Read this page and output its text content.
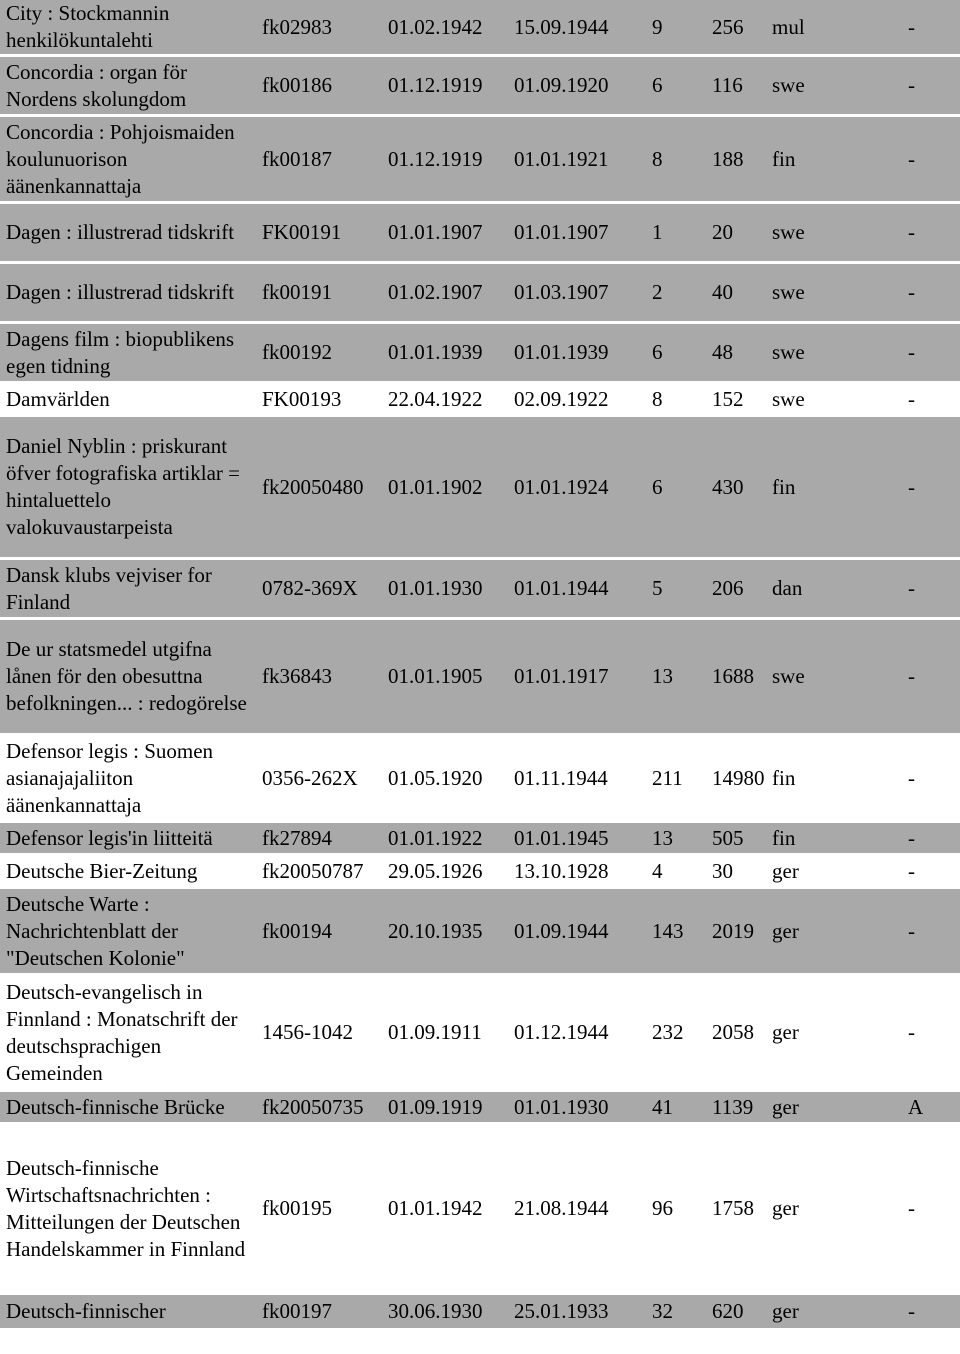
City : Stockmannin henkilökuntalehti	fk02983	01.02.1942	15.09.1944	9	256	mul	-
Concordia : organ för Nordens skolungdom	fk00186	01.12.1919	01.09.1920	6	116	swe	-
Concordia : Pohjoismaiden koulunuorison äänenkannattaja	fk00187	01.12.1919	01.01.1921	8	188	fin	-
Dagen : illustrerad tidskrift	FK00191	01.01.1907	01.01.1907	1	20	swe	-
Dagen : illustrerad tidskrift	fk00191	01.02.1907	01.03.1907	2	40	swe	-
Dagens film : biopublikens egen tidning	fk00192	01.01.1939	01.01.1939	6	48	swe	-
Damvärlden	FK00193	22.04.1922	02.09.1922	8	152	swe	-
Daniel Nyblin : priskurant öfver fotografiska artiklar = hintaluettelo valokuvaustarpeista	fk20050480	01.01.1902	01.01.1924	6	430	fin	-
Dansk klubs vejviser for Finland	0782-369X	01.01.1930	01.01.1944	5	206	dan	-
De ur statsmedel utgifna lånen för den obesuttna befolkningen... : redogörelse	fk36843	01.01.1905	01.01.1917	13	1688	swe	-
Defensor legis : Suomen asianajajaliiton äänenkannattaja	0356-262X	01.05.1920	01.11.1944	211	14980	fin	-
Defensor legis'in liitteitä	fk27894	01.01.1922	01.01.1945	13	505	fin	-
Deutsche Bier-Zeitung	fk20050787	29.05.1926	13.10.1928	4	30	ger	-
Deutsche Warte : Nachrichtenblatt der "Deutschen Kolonie"	fk00194	20.10.1935	01.09.1944	143	2019	ger	-
Deutsch-evangelisch in Finnland : Monatschrift der deutschsprachigen Gemeinden	1456-1042	01.09.1911	01.12.1944	232	2058	ger	-
Deutsch-finnische Brücke	fk20050735	01.09.1919	01.01.1930	41	1139	ger	A
Deutsch-finnische Wirtschaftsnachrichten : Mitteilungen der Deutschen Handelskammer in Finnland	fk00195	01.01.1942	21.08.1944	96	1758	ger	-
Deutsch-finnischer	fk00197	30.06.1930	25.01.1933	32	620	ger	-
